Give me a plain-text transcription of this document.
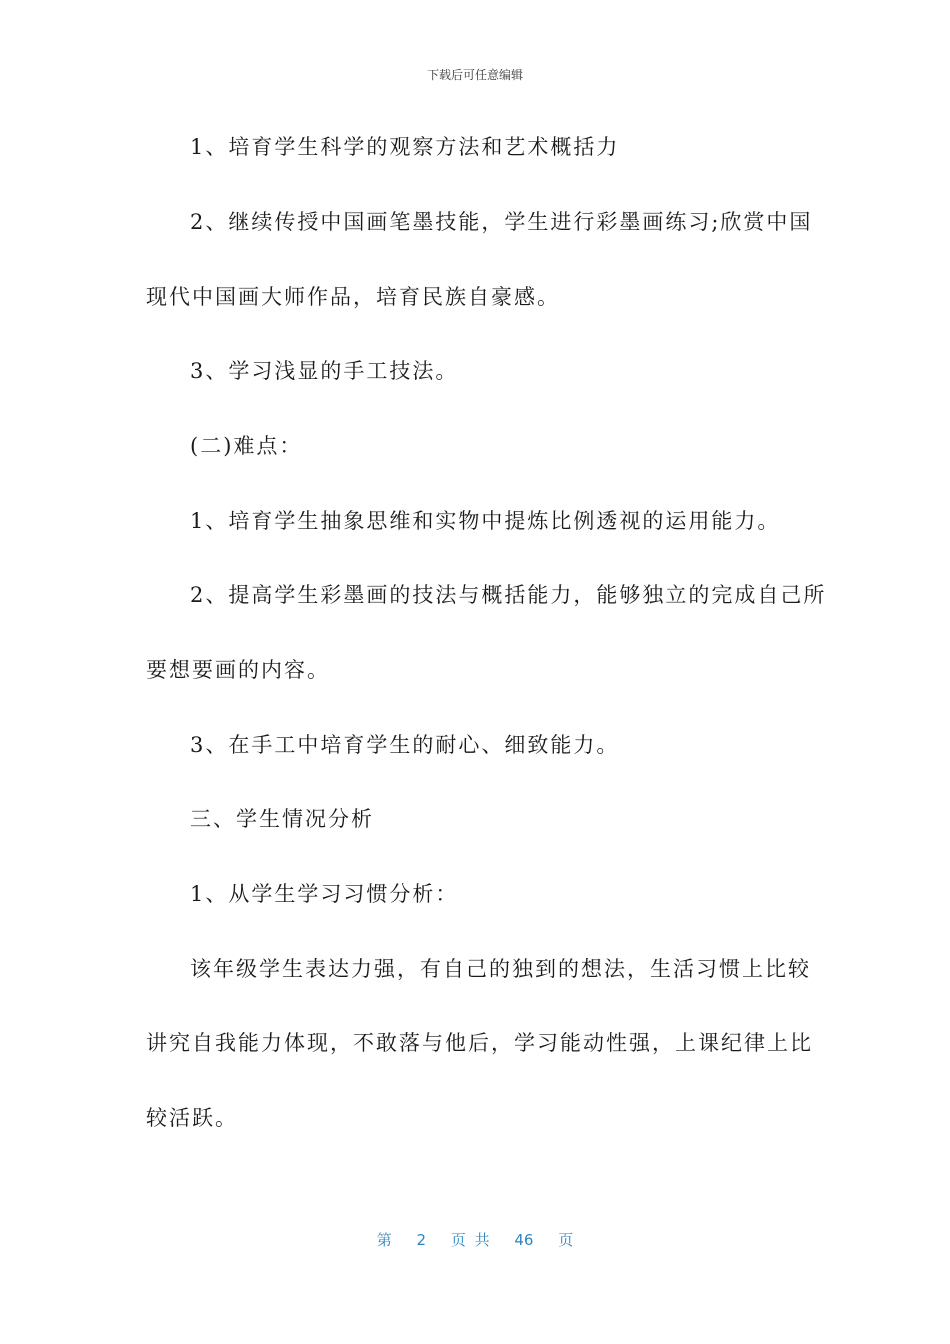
下载后可任意编辑
1、培育学生科学的观察方法和艺术概括力
2、继续传授中国画笔墨技能，学生进行彩墨画练习;欣赏中国
现代中国画大师作品，培育民族自豪感。
3、学习浅显的手工技法。
(二)难点：
1、培育学生抽象思维和实物中提炼比例透视的运用能力。
2、提高学生彩墨画的技法与概括能力，能够独立的完成自己所
要想要画的内容。
3、在手工中培育学生的耐心、细致能力。
三、学生情况分析
1、从学生学习习惯分析：
该年级学生表达力强，有自己的独到的想法，生活习惯上比较
讲究自我能力体现，不敢落与他后，学习能动性强，上课纪律上比
较活跃。
第 2 页 共 46 页
